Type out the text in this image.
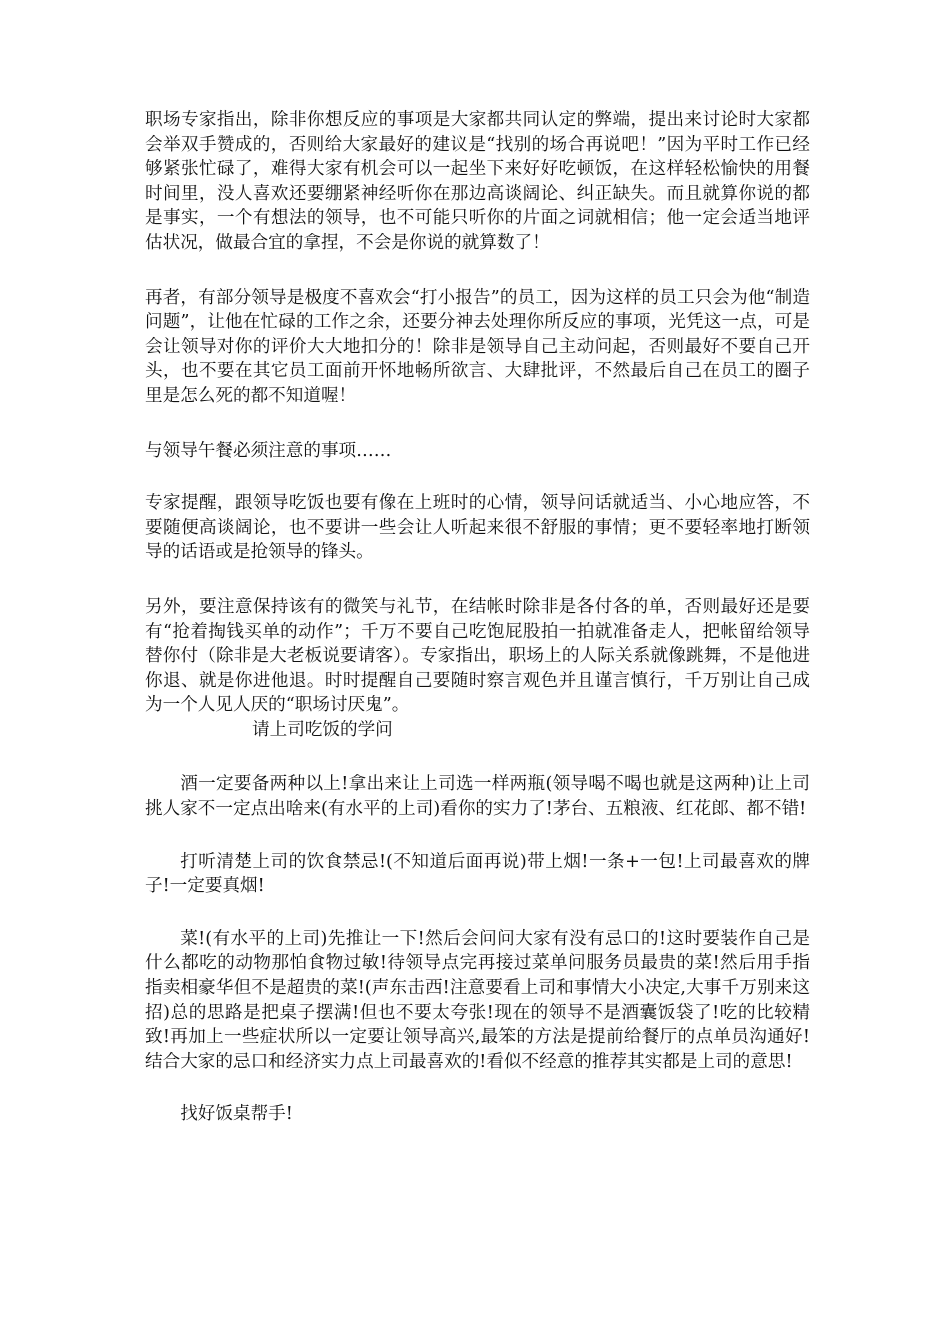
职场专家指出，除非你想反应的事项是大家都共同认定的弊端，提出来讨论时大家都会举双手赞成的，否则给大家最好的建议是“找别的场合再说吧！”因为平时工作已经够紧张忙碌了，难得大家有机会可以一起坐下来好好吃顿饭，在这样轻松愉快的用餐时间里，没人喜欢还要绷紧神经听你在那边高谈阔论、纠正缺失。而且就算你说的都是事实，一个有想法的领导，也不可能只听你的片面之词就相信；他一定会适当地评估状况，做最合宜的拿捏，不会是你说的就算数了！

再者，有部分领导是极度不喜欢会“打小报告”的员工，因为这样的员工只会为他“制造问题”，让他在忙碌的工作之余，还要分神去处理你所反应的事项，光凭这一点，可是会让领导对你的评价大大地扣分的！除非是领导自己主动问起，否则最好不要自己开头，也不要在其它员工面前开怀地畅所欲言、大肆批评，不然最后自己在员工的圈子里是怎么死的都不知道喔！

与领导午餐必须注意的事项……

专家提醒，跟领导吃饭也要有像在上班时的心情，领导问话就适当、小心地应答，不要随便高谈阔论，也不要讲一些会让人听起来很不舒服的事情；更不要轻率地打断领导的话语或是抢领导的锋头。

另外，要注意保持该有的微笑与礼节，在结帐时除非是各付各的单，否则最好还是要有“抢着掏钱买单的动作”；千万不要自己吃饱屁股拍一拍就准备走人，把帐留给领导替你付（除非是大老板说要请客）。专家指出，职场上的人际关系就像跳舞，不是他进你退、就是你进他退。时时提醒自己要随时察言观色并且谨言慎行，千万别让自己成为一个人见人厌的“职场讨厌鬼”。

请上司吃饭的学问

酒一定要备两种以上!拿出来让上司选一样两瓶(领导喝不喝也就是这两种)让上司挑人家不一定点出啥来(有水平的上司)看你的实力了!茅台、五粮液、红花郎、都不错!

打听清楚上司的饮食禁忌!(不知道后面再说)带上烟!一条+一包!上司最喜欢的牌子!一定要真烟!

菜!(有水平的上司)先推让一下!然后会问问大家有没有忌口的!这时要装作自己是什么都吃的动物那怕食物过敏!待领导点完再接过菜单问服务员最贵的菜!然后用手指指卖相豪华但不是超贵的菜!(声东击西!注意要看上司和事情大小决定,大事千万别来这招)总的思路是把桌子摆满!但也不要太夸张!现在的领导不是酒囊饭袋了!吃的比较精致!再加上一些症状所以一定要让领导高兴,最笨的方法是提前给餐厅的点单员沟通好!结合大家的忌口和经济实力点上司最喜欢的!看似不经意的推荐其实都是上司的意思!

找好饭桌帮手!
